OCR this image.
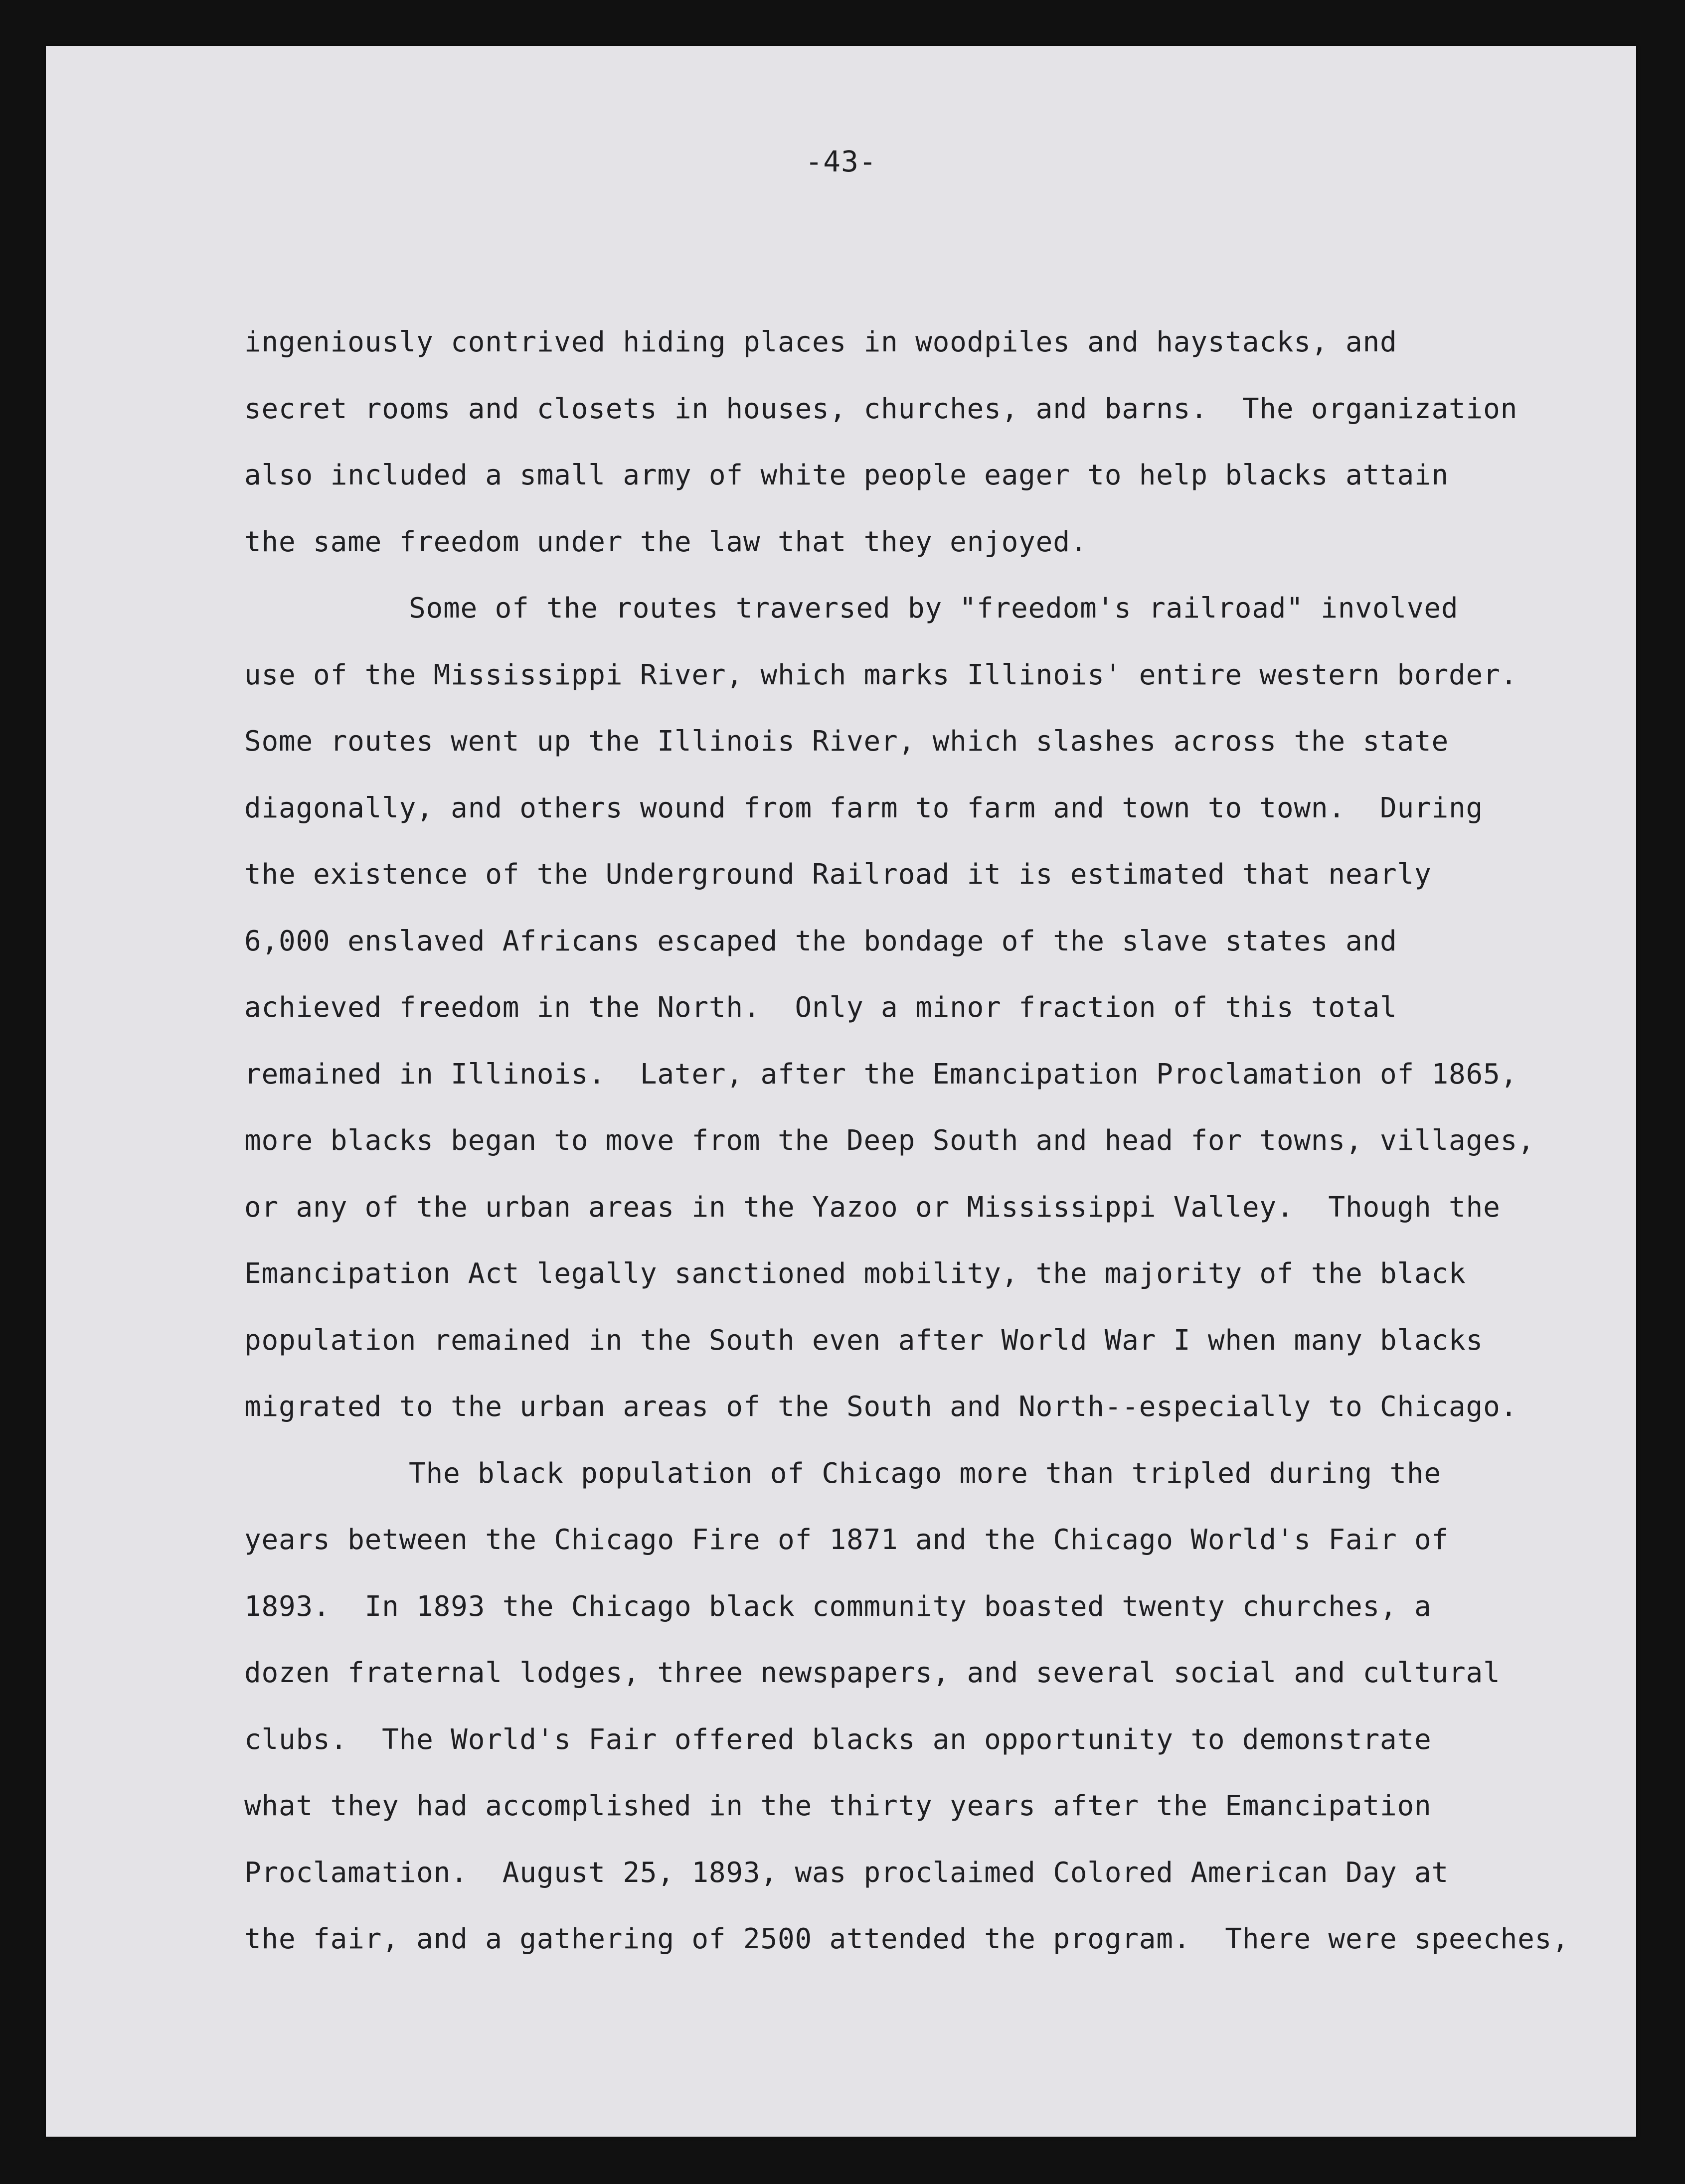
-43-
ingeniously contrived hiding places in woodpiles and haystacks, and
secret rooms and closets in houses, churches, and barns.  The organization
also included a small army of white people eager to help blacks attain
the same freedom under the law that they enjoyed.
Some of the routes traversed by "freedom's railroad" involved
use of the Mississippi River, which marks Illinois' entire western border.
Some routes went up the Illinois River, which slashes across the state
diagonally, and others wound from farm to farm and town to town.  During
the existence of the Underground Railroad it is estimated that nearly
6,000 enslaved Africans escaped the bondage of the slave states and
achieved freedom in the North.  Only a minor fraction of this total
remained in Illinois.  Later, after the Emancipation Proclamation of 1865,
more blacks began to move from the Deep South and head for towns, villages,
or any of the urban areas in the Yazoo or Mississippi Valley.  Though the
Emancipation Act legally sanctioned mobility, the majority of the black
population remained in the South even after World War I when many blacks
migrated to the urban areas of the South and North--especially to Chicago.
The black population of Chicago more than tripled during the
years between the Chicago Fire of 1871 and the Chicago World's Fair of
1893.  In 1893 the Chicago black community boasted twenty churches, a
dozen fraternal lodges, three newspapers, and several social and cultural
clubs.  The World's Fair offered blacks an opportunity to demonstrate
what they had accomplished in the thirty years after the Emancipation
Proclamation.  August 25, 1893, was proclaimed Colored American Day at
the fair, and a gathering of 2500 attended the program.  There were speeches,
